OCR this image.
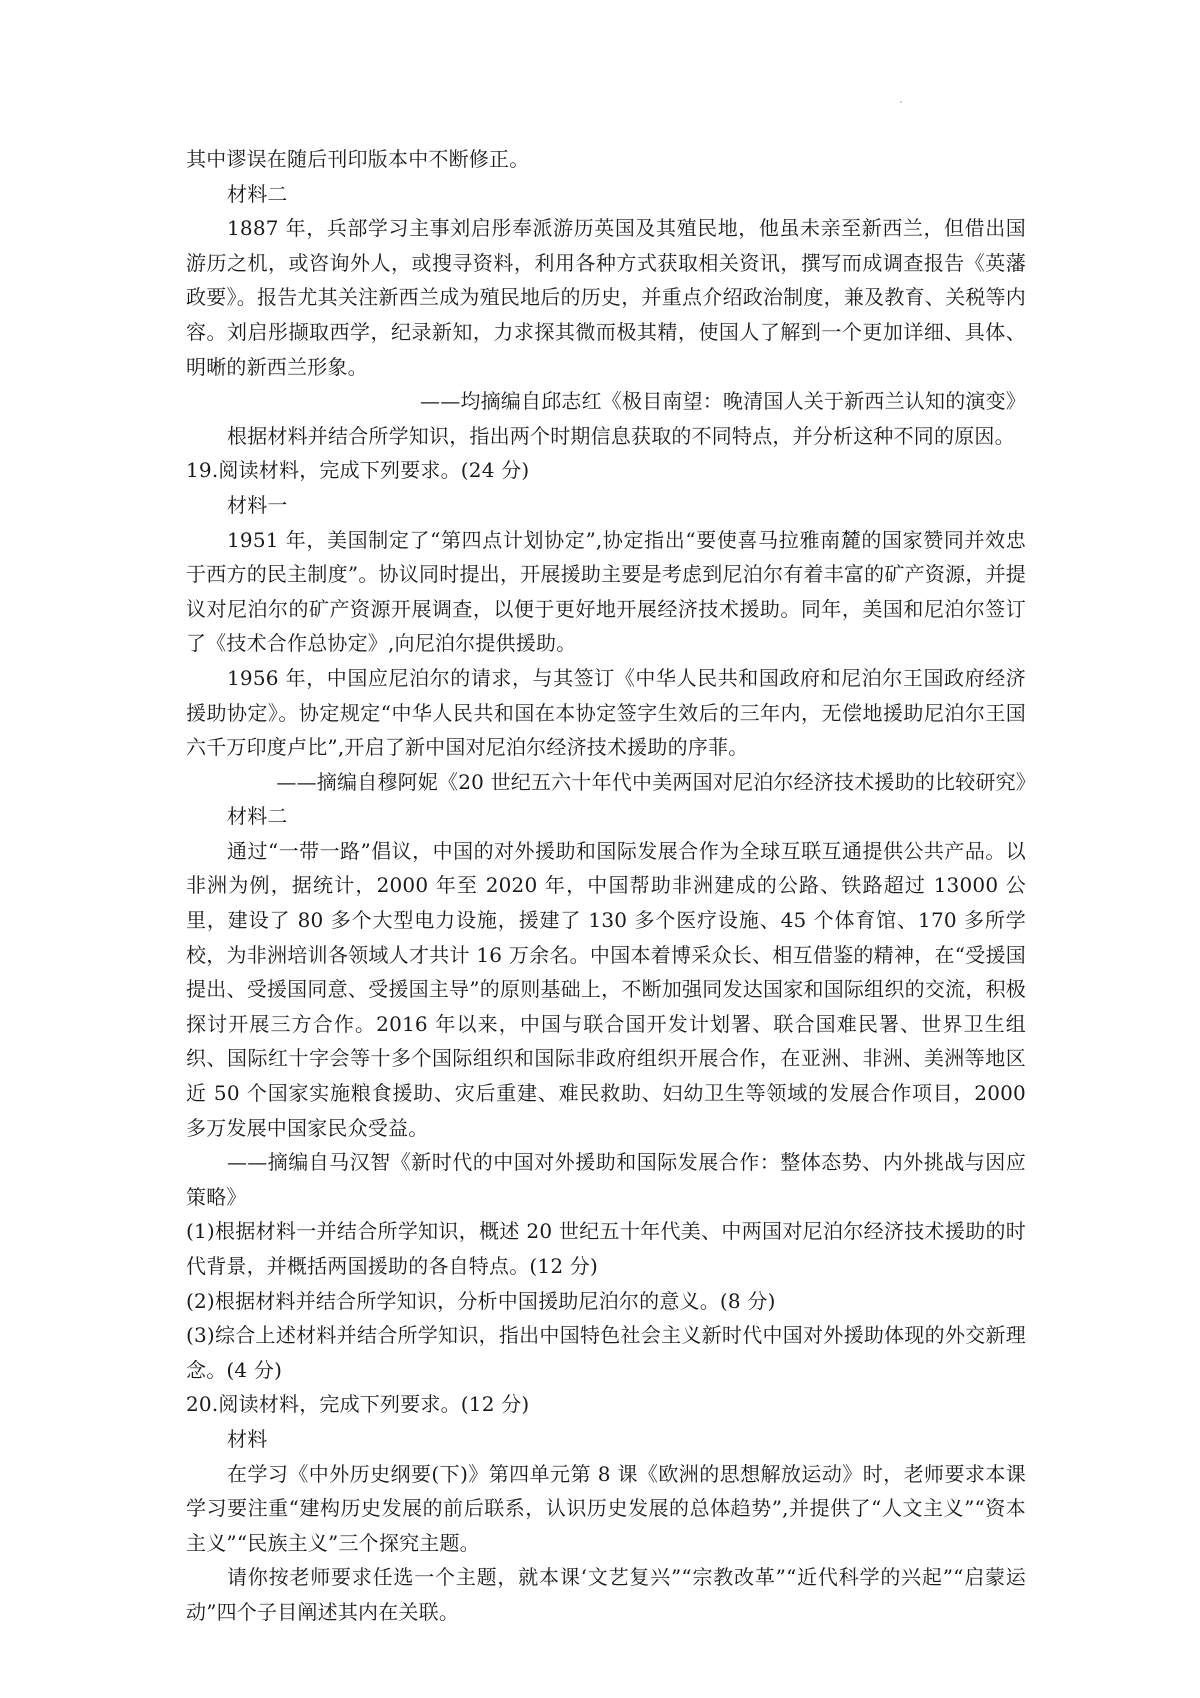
其中谬误在随后刊印版本中不断修正。

材料二

1887 年，兵部学习主事刘启彤奉派游历英国及其殖民地，他虽未亲至新西兰，但借出国游历之机，或咨询外人，或搜寻资料，利用各种方式获取相关资讯，撰写而成调查报告《英藩政要》。报告尤其关注新西兰成为殖民地后的历史，并重点介绍政治制度，兼及教育、关税等内容。刘启彤撷取西学，纪录新知，力求探其微而极其精，使国人了解到一个更加详细、具体、明晰的新西兰形象。

——均摘编自邱志红《极目南望：晚清国人关于新西兰认知的演变》

根据材料并结合所学知识，指出两个时期信息获取的不同特点，并分析这种不同的原因。

19.阅读材料，完成下列要求。(24 分)

材料一

1951 年，美国制定了“第四点计划协定”,协定指出“要使喜马拉雅南麓的国家赞同并效忠于西方的民主制度”。协议同时提出，开展援助主要是考虑到尼泊尔有着丰富的矿产资源，并提议对尼泊尔的矿产资源开展调查，以便于更好地开展经济技术援助。同年，美国和尼泊尔签订了《技术合作总协定》,向尼泊尔提供援助。

1956 年，中国应尼泊尔的请求，与其签订《中华人民共和国政府和尼泊尔王国政府经济援助协定》。协定规定“中华人民共和国在本协定签字生效后的三年内，无偿地援助尼泊尔王国六千万印度卢比”,开启了新中国对尼泊尔经济技术援助的序菲。

——摘编自穆阿妮《20 世纪五六十年代中美两国对尼泊尔经济技术援助的比较研究》

材料二

通过“一带一路”倡议，中国的对外援助和国际发展合作为全球互联互通提供公共产品。以非洲为例，据统计，2000 年至 2020 年，中国帮助非洲建成的公路、铁路超过 13000 公里，建设了 80 多个大型电力设施，援建了 130 多个医疗设施、45 个体育馆、170 多所学校，为非洲培训各领域人才共计 16 万余名。中国本着博采众长、相互借鉴的精神，在“受援国提出、受援国同意、受援国主导”的原则基础上，不断加强同发达国家和国际组织的交流，积极探讨开展三方合作。2016 年以来，中国与联合国开发计划署、联合国难民署、世界卫生组织、国际红十字会等十多个国际组织和国际非政府组织开展合作，在亚洲、非洲、美洲等地区近 50 个国家实施粮食援助、灾后重建、难民救助、妇幼卫生等领域的发展合作项目，2000 多万发展中国家民众受益。

——摘编自马汉智《新时代的中国对外援助和国际发展合作：整体态势、内外挑战与因应策略》

(1)根据材料一并结合所学知识，概述 20 世纪五十年代美、中两国对尼泊尔经济技术援助的时代背景，并概括两国援助的各自特点。(12 分)

(2)根据材料并结合所学知识，分析中国援助尼泊尔的意义。(8 分)

(3)综合上述材料并结合所学知识，指出中国特色社会主义新时代中国对外援助体现的外交新理念。(4 分)

20.阅读材料，完成下列要求。(12 分)

材料

在学习《中外历史纲要(下)》第四单元第 8 课《欧洲的思想解放运动》时，老师要求本课学习要注重“建构历史发展的前后联系，认识历史发展的总体趋势”,并提供了“人文主义”“资本主义”“民族主义”三个探究主题。

请你按老师要求任选一个主题，就本课‘文艺复兴”“宗教改革”“近代科学的兴起”“启蒙运动”四个子目阐述其内在关联。
